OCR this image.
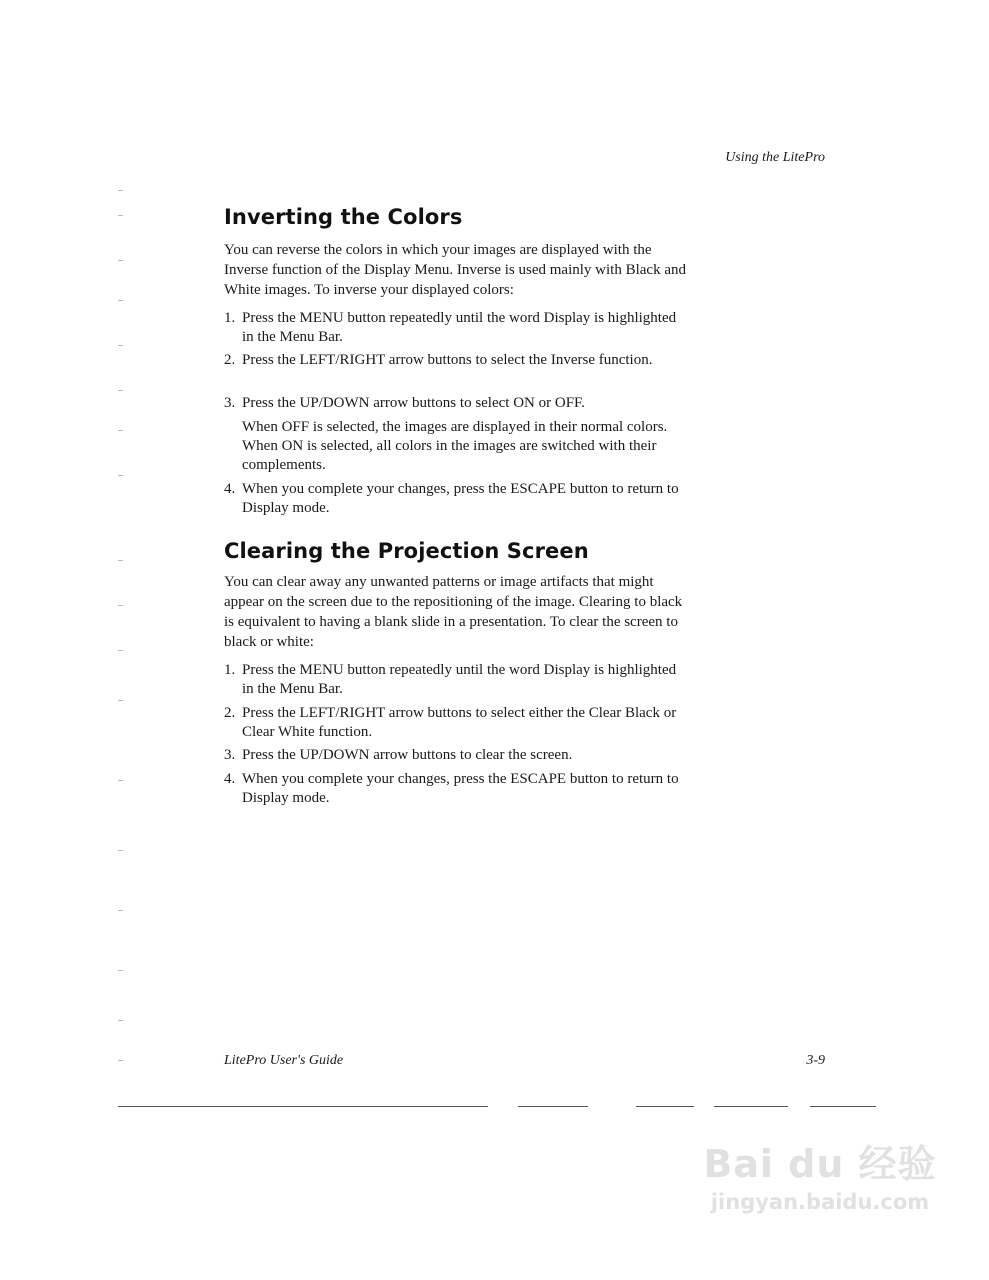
Using the LitePro
Inverting the Colors
You can reverse the colors in which your images are displayed with the Inverse function of the Display Menu. Inverse is used mainly with Black and White images. To inverse your displayed colors:
1. Press the MENU button repeatedly until the word Display is highlighted in the Menu Bar.
2. Press the LEFT/RIGHT arrow buttons to select the Inverse function.
3. Press the UP/DOWN arrow buttons to select ON or OFF.
When OFF is selected, the images are displayed in their normal colors. When ON is selected, all colors in the images are switched with their complements.
4. When you complete your changes, press the ESCAPE button to return to Display mode.
Clearing the Projection Screen
You can clear away any unwanted patterns or image artifacts that might appear on the screen due to the repositioning of the image. Clearing to black is equivalent to having a blank slide in a presentation. To clear the screen to black or white:
1. Press the MENU button repeatedly until the word Display is highlighted in the Menu Bar.
2. Press the LEFT/RIGHT arrow buttons to select either the Clear Black or Clear White function.
3. Press the UP/DOWN arrow buttons to clear the screen.
4. When you complete your changes, press the ESCAPE button to return to Display mode.
LitePro User's Guide	3-9
Bai du 经验
jingyan.baidu.com
